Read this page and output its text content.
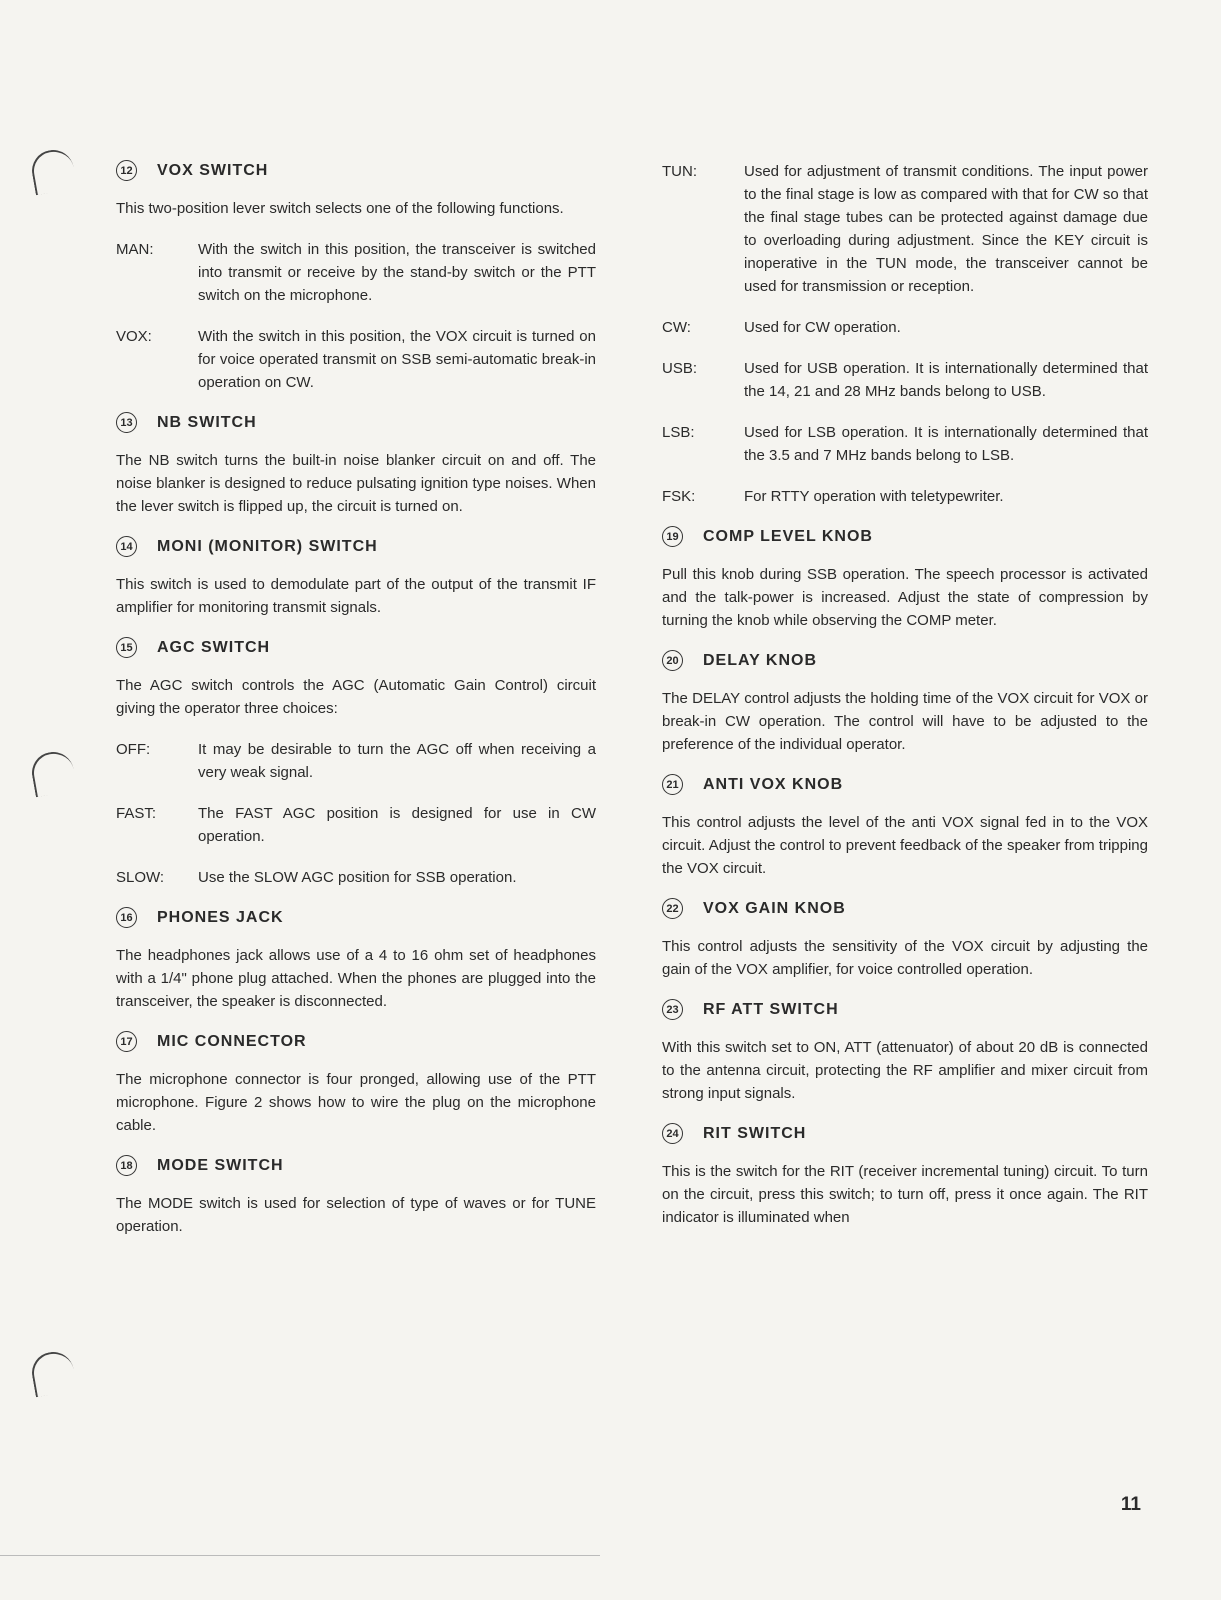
12 VOX SWITCH
This two-position lever switch selects one of the following functions.
MAN:	With the switch in this position, the transceiver is switched into transmit or receive by the stand-by switch or the PTT switch on the microphone.
VOX:	With the switch in this position, the VOX circuit is turned on for voice operated transmit on SSB semi-automatic break-in operation on CW.
13 NB SWITCH
The NB switch turns the built-in noise blanker circuit on and off. The noise blanker is designed to reduce pulsating ignition type noises. When the lever switch is flipped up, the circuit is turned on.
14 MONI (MONITOR) SWITCH
This switch is used to demodulate part of the output of the transmit IF amplifier for monitoring transmit signals.
15 AGC SWITCH
The AGC switch controls the AGC (Automatic Gain Control) circuit giving the operator three choices:
OFF:	It may be desirable to turn the AGC off when receiving a very weak signal.
FAST:	The FAST AGC position is designed for use in CW operation.
SLOW:	Use the SLOW AGC position for SSB operation.
16 PHONES JACK
The headphones jack allows use of a 4 to 16 ohm set of headphones with a 1/4" phone plug attached. When the phones are plugged into the transceiver, the speaker is disconnected.
17 MIC CONNECTOR
The microphone connector is four pronged, allowing use of the PTT microphone. Figure 2 shows how to wire the plug on the microphone cable.
18 MODE SWITCH
The MODE switch is used for selection of type of waves or for TUNE operation.
TUN:	Used for adjustment of transmit conditions. The input power to the final stage is low as compared with that for CW so that the final stage tubes can be protected against damage due to overloading during adjustment. Since the KEY circuit is inoperative in the TUN mode, the transceiver cannot be used for transmission or reception.
CW:	Used for CW operation.
USB:	Used for USB operation. It is internationally determined that the 14, 21 and 28 MHz bands belong to USB.
LSB:	Used for LSB operation. It is internationally determined that the 3.5 and 7 MHz bands belong to LSB.
FSK:	For RTTY operation with teletypewriter.
19 COMP LEVEL KNOB
Pull this knob during SSB operation. The speech processor is activated and the talk-power is increased. Adjust the state of compression by turning the knob while observing the COMP meter.
20 DELAY KNOB
The DELAY control adjusts the holding time of the VOX circuit for VOX or break-in CW operation. The control will have to be adjusted to the preference of the individual operator.
21 ANTI VOX KNOB
This control adjusts the level of the anti VOX signal fed in to the VOX circuit. Adjust the control to prevent feedback of the speaker from tripping the VOX circuit.
22 VOX GAIN KNOB
This control adjusts the sensitivity of the VOX circuit by adjusting the gain of the VOX amplifier, for voice controlled operation.
23 RF ATT SWITCH
With this switch set to ON, ATT (attenuator) of about 20 dB is connected to the antenna circuit, protecting the RF amplifier and mixer circuit from strong input signals.
24 RIT SWITCH
This is the switch for the RIT (receiver incremental tuning) circuit. To turn on the circuit, press this switch; to turn off, press it once again. The RIT indicator is illuminated when
11
